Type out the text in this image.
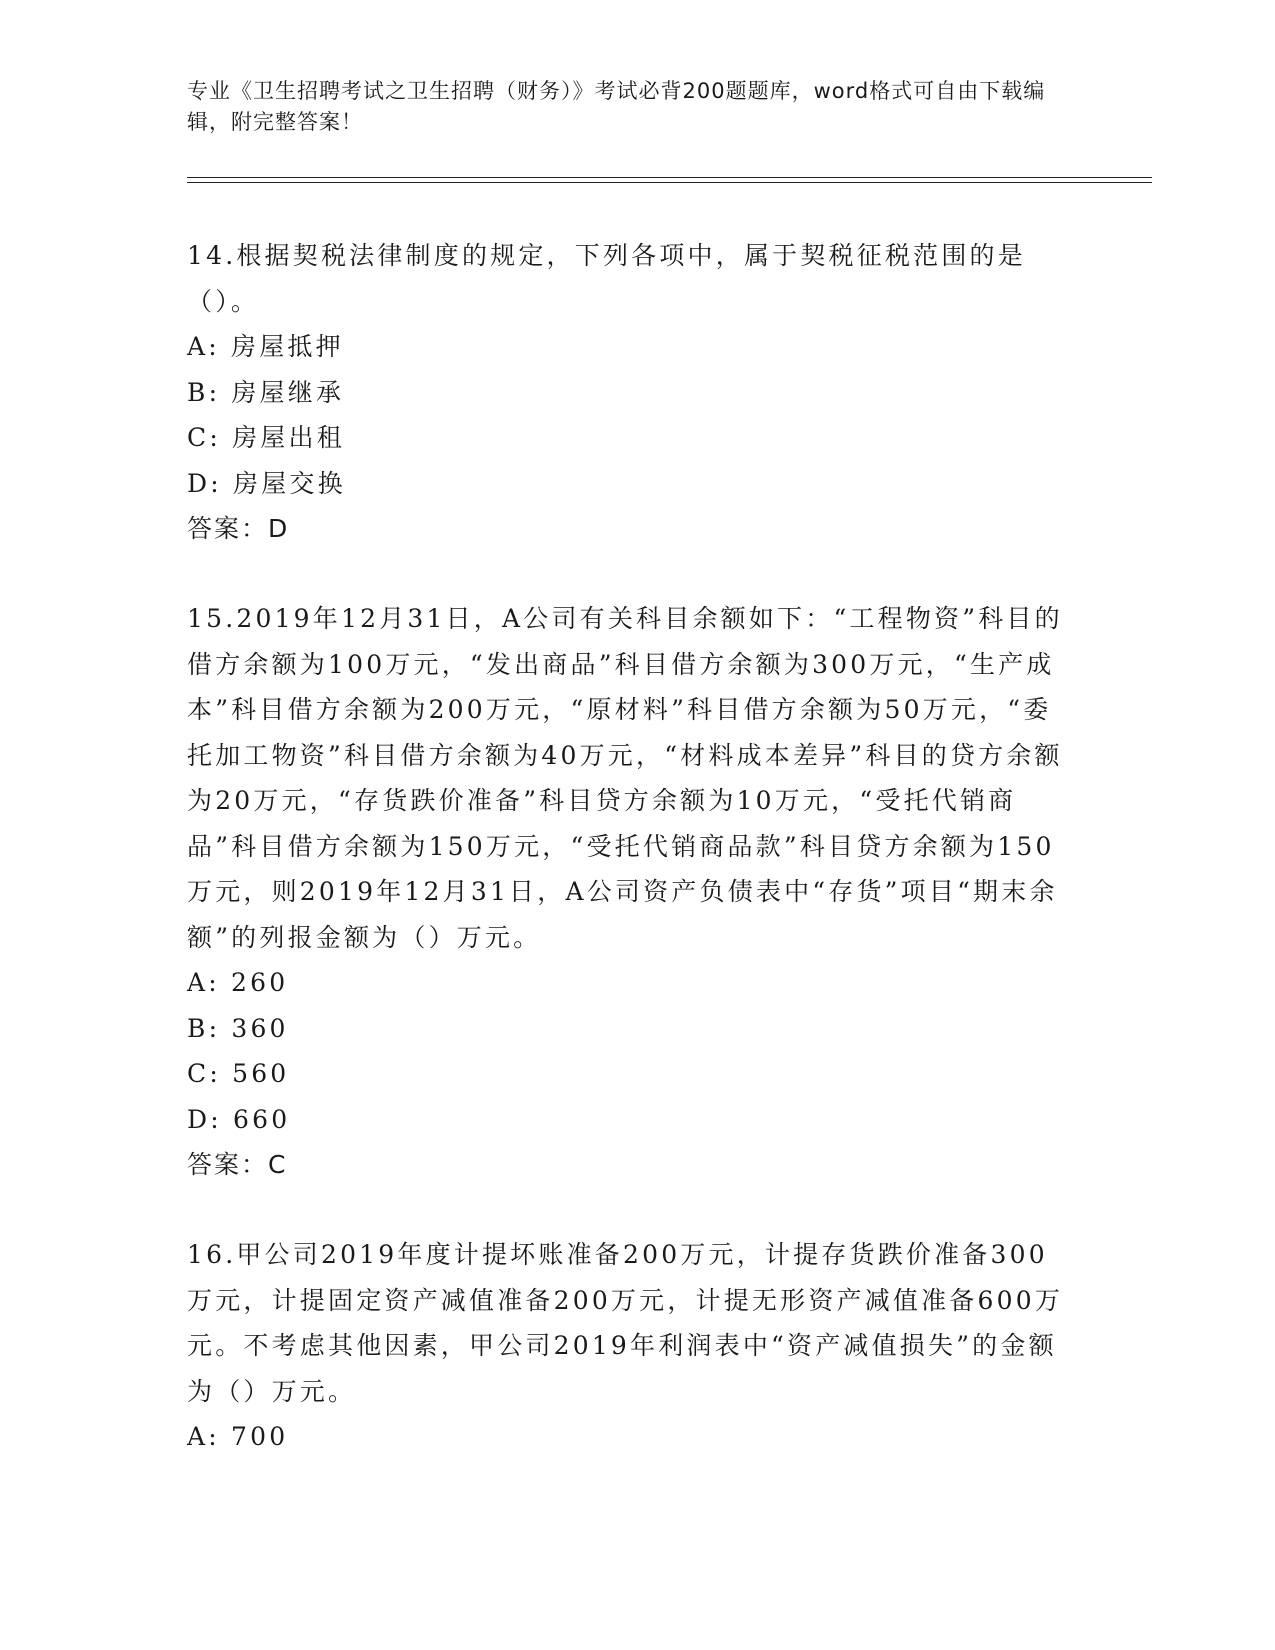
专业《卫生招聘考试之卫生招聘（财务）》考试必背200题题库，word格式可自由下载编辑，附完整答案！

14.根据契税法律制度的规定，下列各项中，属于契税征税范围的是（）。

A: 房屋抵押

B: 房屋继承

C: 房屋出租

D: 房屋交换

答案：D

15.2019年12月31日，A公司有关科目余额如下：“工程物资”科目的借方余额为100万元，“发出商品”科目借方余额为300万元，“生产成本”科目借方余额为200万元，“原材料”科目借方余额为50万元，“委托加工物资”科目借方余额为40万元，“材料成本差异”科目的贷方余额为20万元，“存货跌价准备”科目贷方余额为10万元，“受托代销商品”科目借方余额为150万元，“受托代销商品款”科目贷方余额为150万元，则2019年12月31日，A公司资产负债表中“存货”项目“期末余额”的列报金额为（）万元。

A: 260

B: 360

C: 560

D: 660

答案：C

16.甲公司2019年度计提坏账准备200万元，计提存货跌价准备300万元，计提固定资产减值准备200万元，计提无形资产减值准备600万元。不考虑其他因素，甲公司2019年利润表中“资产减值损失”的金额为（）万元。

A: 700
